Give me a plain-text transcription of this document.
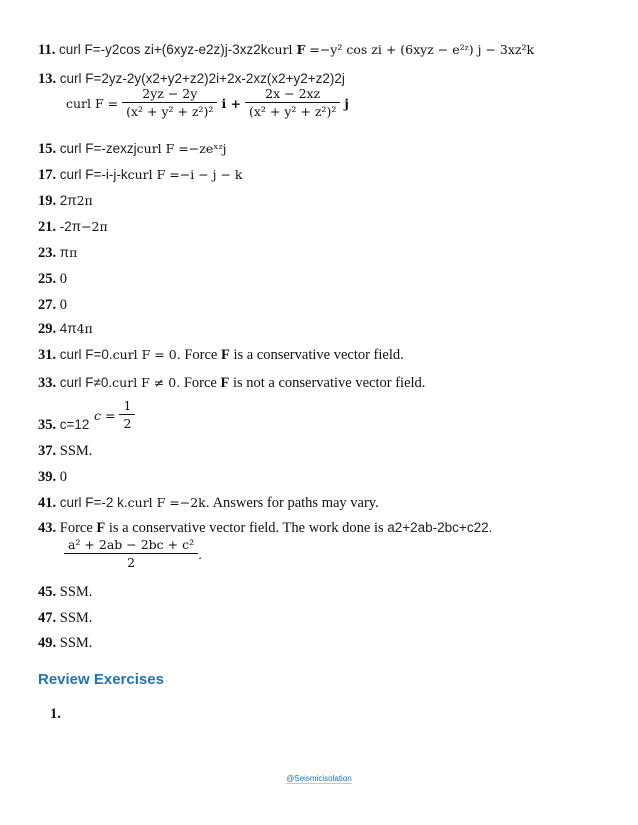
11. curl F=-y2cos zi+(6xyz-e2z)j-3xz2kcurl F =−y² cos zi + (6xyz − e²ᶻ) j − 3xz²k
13. curl F=2yz-2y(x2+y2+z2)2i+2x-2xz(x2+y2+z2)2j
curl $F = \frac{2yz - 2y}{\text{(x² + y² + z²)²}}$ $i + \frac{2x - 2xz}{\text{(x² + y² + z²)²}}$ j
15. curl F=-zexzjcurl F =−zeˣᶻj
17. curl F=-i-j-kcurl F =−i − j − k
19. 2π2π
21. -2π−2π
23. ππ
25. 0
27. 0
29. 4π4π
31. curl F=0.curl F = 0. Force F is a conservative vector field.
33. curl F≠0.curl F ≠ 0. Force F is not a conservative vector field.
35. c=12
$c = \frac{1}{2}$
37. SSM.
39. 0
41. curl F=-2 k.curl F =−2k. Answers for paths may vary.
43. Force F is a conservative vector field. The work done is a2+2ab-2bc+c22.
$\frac{\text{a² + 2ab − 2bc + c²}}{2}$ .
45. SSM.
47. SSM.
49. SSM.
Review Exercises
1.
@Seismicisolation
